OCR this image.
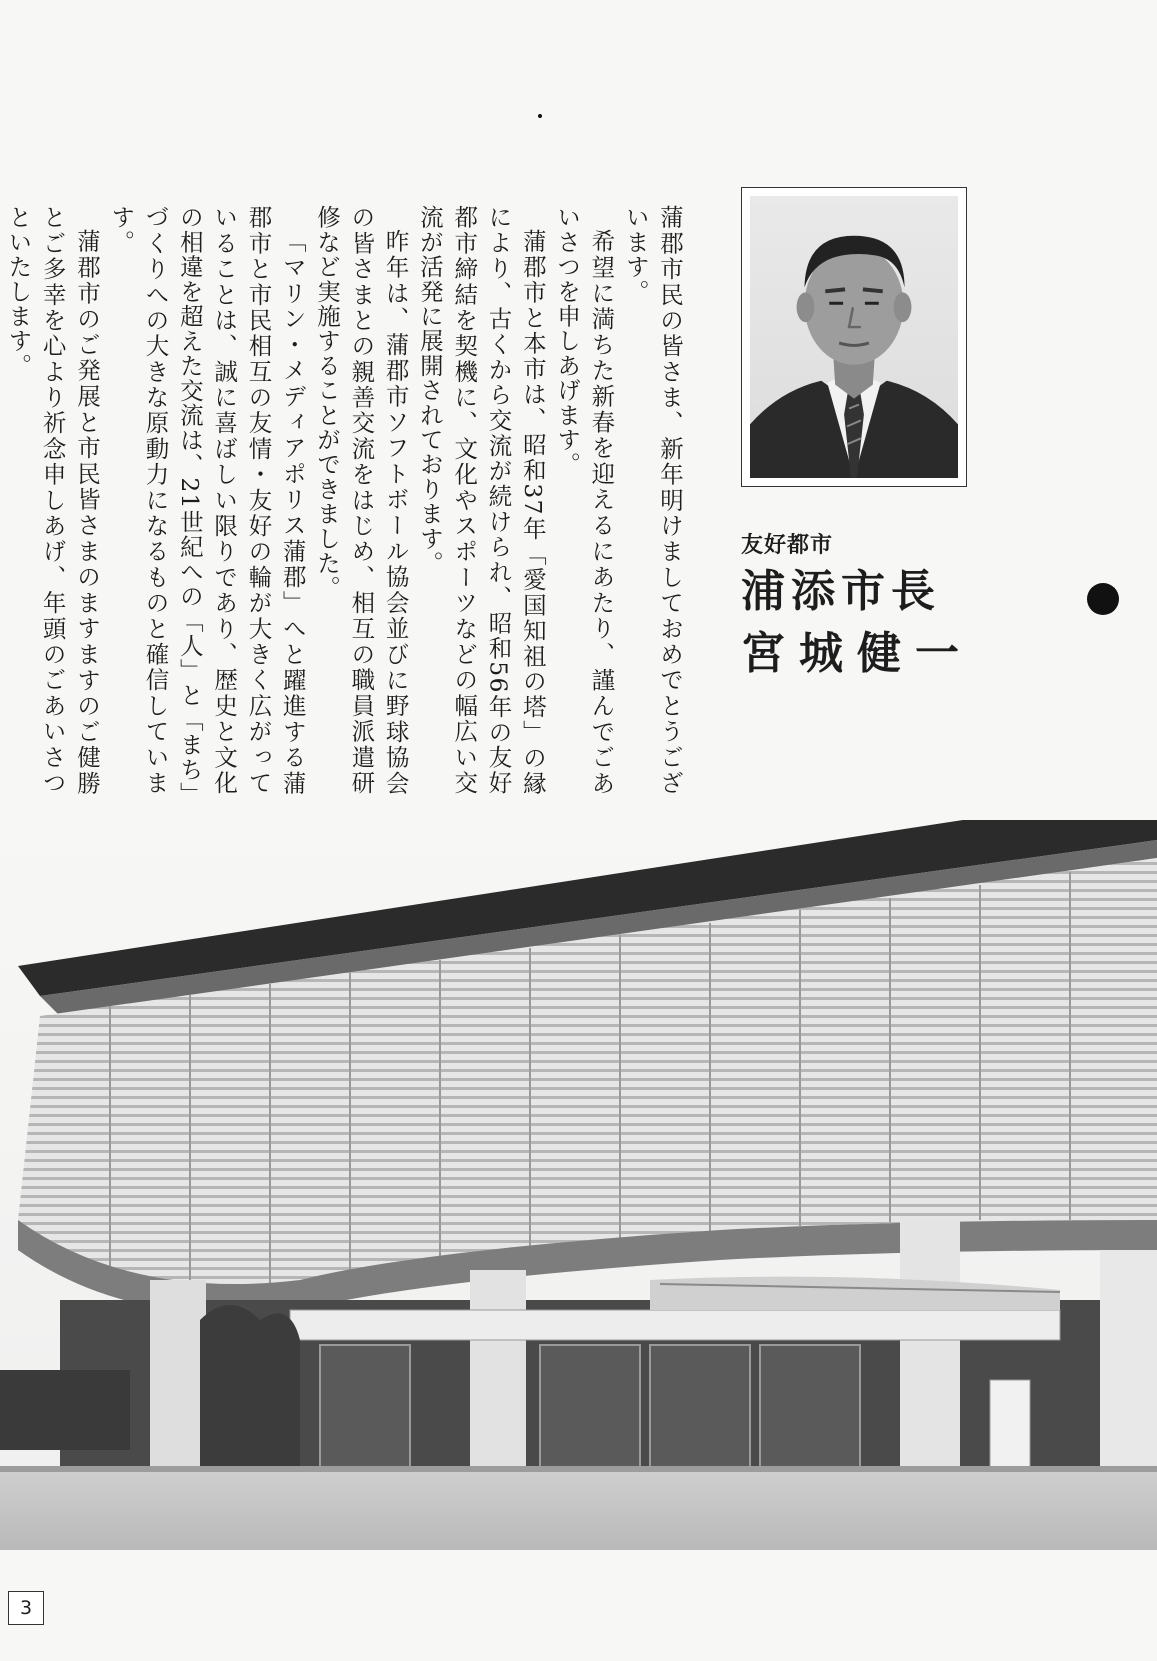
蒲郡市民の皆さま、新年明けましておめでとうございます。

希望に満ちた新春を迎えるにあたり、謹んでごあいさつを申しあげます。

蒲郡市と本市は、昭和37年「愛国知祖の塔」の縁により、古くから交流が続けられ、昭和56年の友好都市締結を契機に、文化やスポーツなどの幅広い交流が活発に展開されております。

昨年は、蒲郡市ソフトボール協会並びに野球協会の皆さまとの親善交流をはじめ、相互の職員派遣研修など実施することができました。

「マリン・メディアポリス蒲郡」へと躍進する蒲郡市と市民相互の友情・友好の輪が大きく広がっていることは、誠に喜ばしい限りであり、歴史と文化の相違を超えた交流は、21世紀への「人」と「まち」づくりへの大きな原動力になるものと確信しています。

蒲郡市のご発展と市民皆さまのますますのご健勝とご多幸を心より祈念申しあげ、年頭のごあいさつといたします。

友好都市
浦添市長
宮城健一
3
